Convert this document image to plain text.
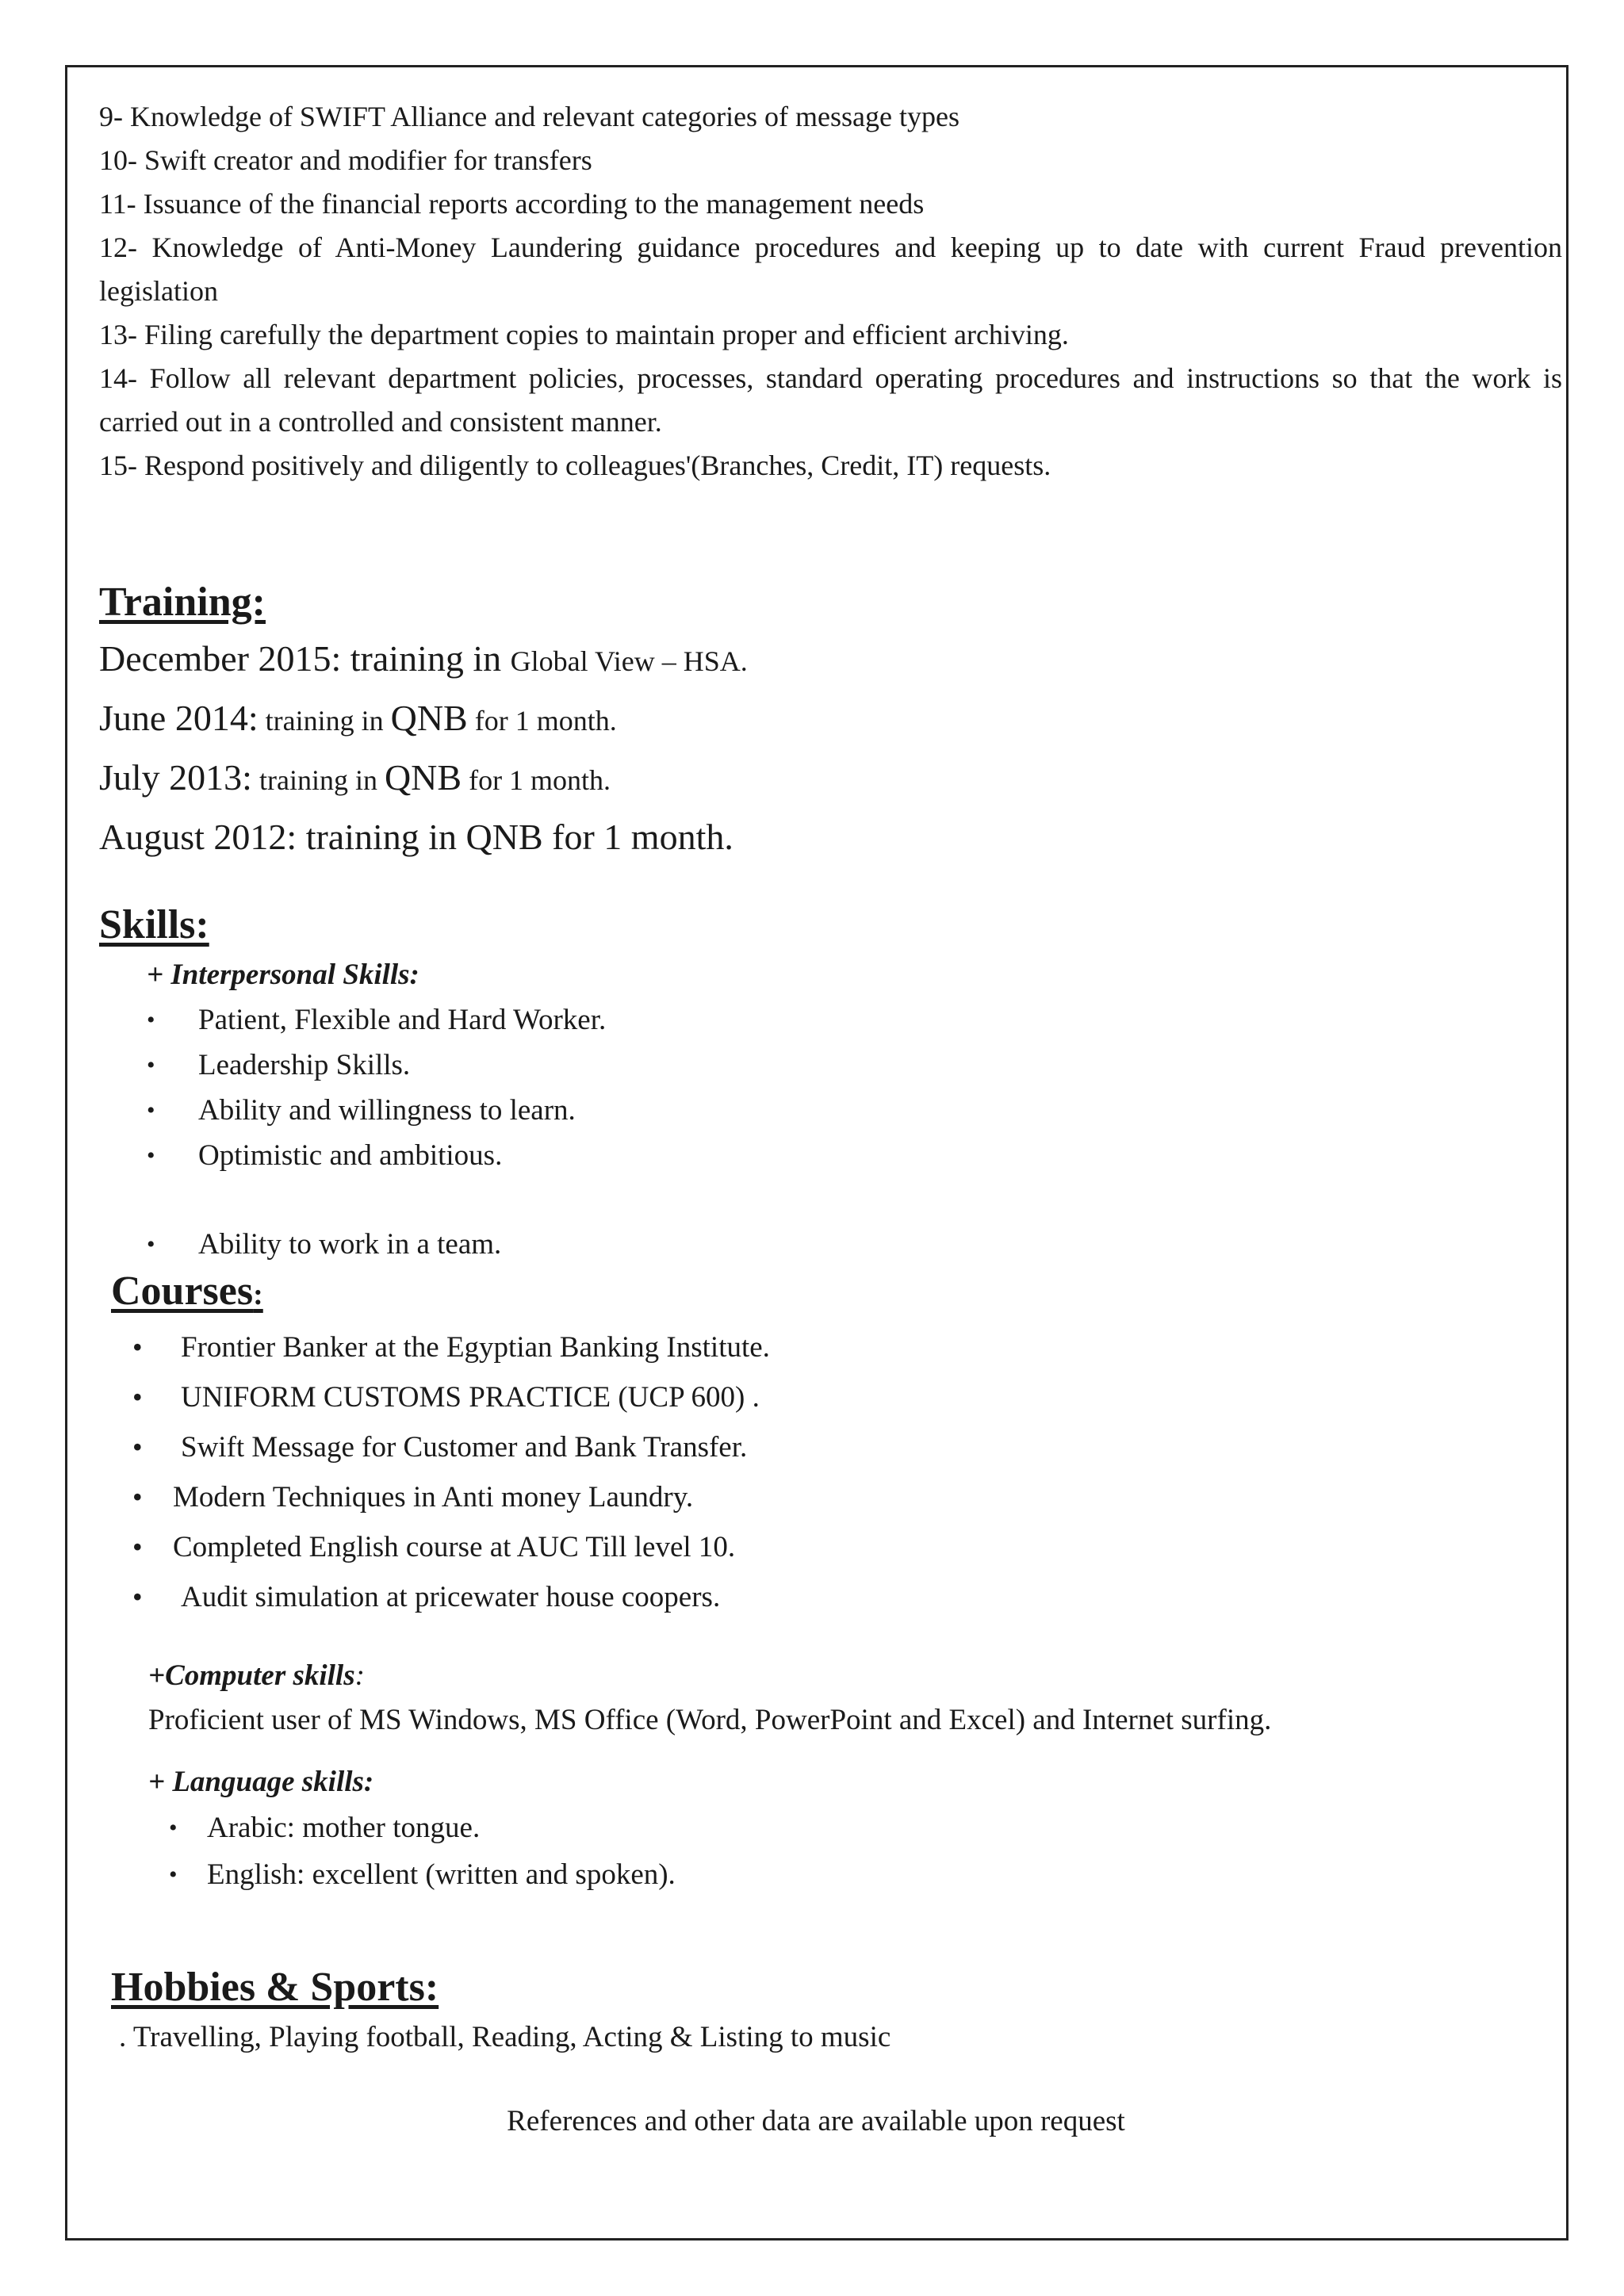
9- Knowledge of SWIFT Alliance and relevant categories of message types
10- Swift creator and modifier for transfers
11- Issuance of the financial reports according to the management needs
12- Knowledge of Anti-Money Laundering guidance procedures and keeping up to date with current Fraud prevention legislation
13- Filing carefully the department copies to maintain proper and efficient archiving.
14- Follow all relevant department policies, processes, standard operating procedures and instructions so that the work is carried out in a controlled and consistent manner.
15- Respond positively and diligently to colleagues'(Branches, Credit, IT) requests.
Training:
December 2015: training in Global View – HSA.
June 2014: training in QNB for 1 month.
July 2013: training in QNB for 1 month.
August 2012: training in QNB for 1 month.
Skills:
+ Interpersonal Skills:
• Patient, Flexible and Hard Worker.
• Leadership Skills.
• Ability and willingness to learn.
• Optimistic and ambitious.
• Ability to work in a team.
Courses:
• Frontier Banker at the Egyptian Banking Institute.
• UNIFORM CUSTOMS PRACTICE (UCP 600) .
• Swift Message for Customer and Bank Transfer.
• Modern Techniques in Anti money Laundry.
• Completed English course at AUC Till level 10.
• Audit simulation at pricewater house coopers.
+Computer skills:
Proficient user of MS Windows, MS Office (Word, PowerPoint and Excel) and Internet surfing.
+ Language skills:
• Arabic: mother tongue.
• English: excellent (written and spoken).
Hobbies & Sports:
. Travelling, Playing football, Reading, Acting & Listing to music
References and other data are available upon request
